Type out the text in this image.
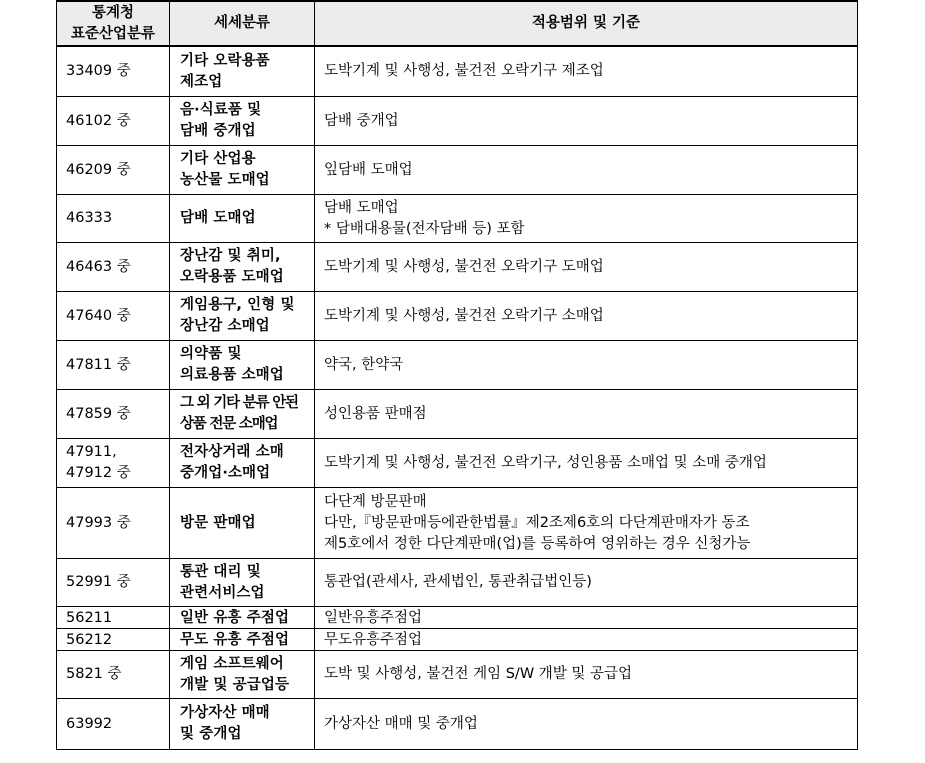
통계청
표준산업분류	세세분류	적용범위 및 기준

33409 중	기타 오락용품
제조업	도박기계 및 사행성, 불건전 오락기구 제조업

46102 중	음·식료품 및
담배 중개업	담배 중개업

46209 중	기타 산업용
농산물 도매업	잎담배 도매업

46333	담배 도매업	담배 도매업
* 담배대용물(전자담배 등) 포함

46463 중	장난감 및 취미,
오락용품 도매업	도박기계 및 사행성, 불건전 오락기구 도매업

47640 중	게임용구, 인형 및
장난감 소매업	도박기계 및 사행성, 불건전 오락기구 소매업

47811 중	의약품 및
의료용품 소매업	약국, 한약국

47859 중	그 외 기타 분류 안된
상품 전문 소매업	성인용품 판매점

47911,
47912 중	전자상거래 소매
중개업·소매업	도박기계 및 사행성, 불건전 오락기구, 성인용품 소매업 및 소매 중개업

47993 중	방문 판매업	다단계 방문판매
다만,『방문판매등에관한법률』제2조제6호의 다단계판매자가 동조
제5호에서 정한 다단계판매(업)를 등록하여 영위하는 경우 신청가능

52991 중	통관 대리 및
관련서비스업	통관업(관세사, 관세법인, 통관취급법인등)

56211	일반 유흥 주점업	일반유흥주점업

56212	무도 유흥 주점업	무도유흥주점업

5821 중	게임 소프트웨어
개발 및 공급업등	도박 및 사행성, 불건전 게임 S/W 개발 및 공급업

63992	가상자산 매매
및 중개업	가상자산 매매 및 중개업
